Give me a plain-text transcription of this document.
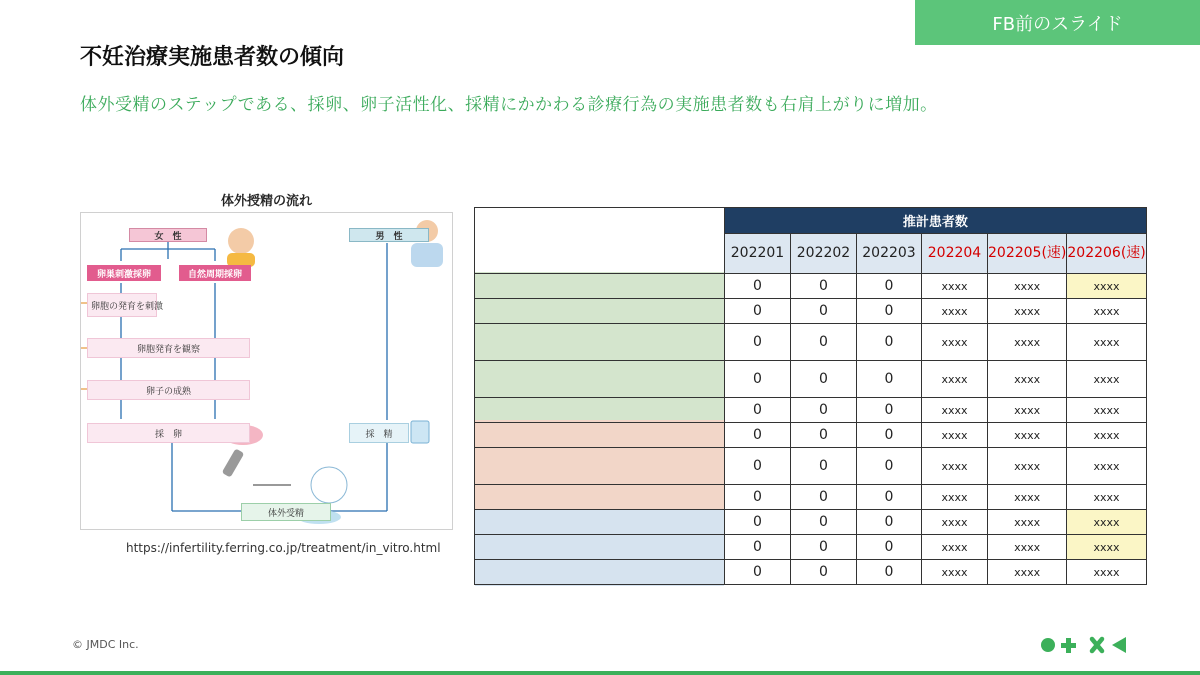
FB前のスライド
不妊治療実施患者数の傾向
体外受精のステップである、採卵、卵子活性化、採精にかかわる診療行為の実施患者数も右肩上がりに増加。
体外授精の流れ
女　性	男　性
卵巣刺激採卵	自然周期採卵
卵胞の発育を刺激
卵胞発育を観察
卵子の成熟
採　卵	採　精
体外受精
https://infertility.ferring.co.jp/treatment/in_vitro.html
	推計患者数					
	202201	202202	202203	202204	202205(速)	202206(速)
	0	0	0	xxxx	xxxx	xxxx
	0	0	0	xxxx	xxxx	xxxx
	0	0	0	xxxx	xxxx	xxxx
	0	0	0	xxxx	xxxx	xxxx
	0	0	0	xxxx	xxxx	xxxx
	0	0	0	xxxx	xxxx	xxxx
	0	0	0	xxxx	xxxx	xxxx
	0	0	0	xxxx	xxxx	xxxx
	0	0	0	xxxx	xxxx	xxxx
	0	0	0	xxxx	xxxx	xxxx
	0	0	0	xxxx	xxxx	xxxx
© JMDC Inc.
